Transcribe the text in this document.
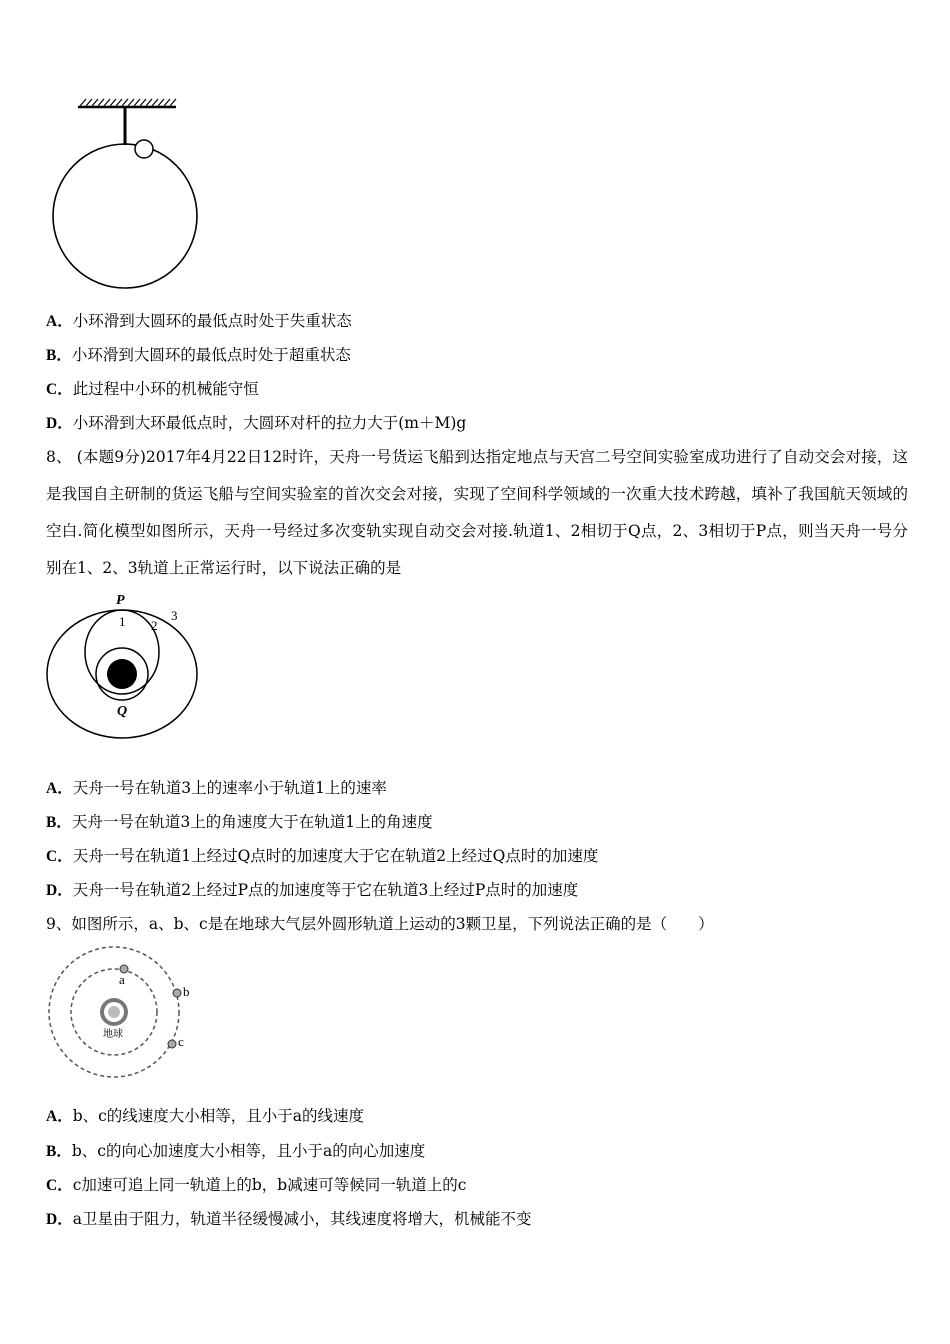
A．小环滑到大圆环的最低点时处于失重状态
B．小环滑到大圆环的最低点时处于超重状态
C．此过程中小环的机械能守恒
D．小环滑到大环最低点时，大圆环对杆的拉力大于(m＋M)g
8、 (本题9分)2017年4月22日12时许，天舟一号货运飞船到达指定地点与天宫二号空间实验室成功进行了自动交会对接，这是我国自主研制的货运飞船与空间实验室的首次交会对接，实现了空间科学领域的一次重大技术跨越，填补了我国航天领域的空白.简化模型如图所示，天舟一号经过多次变轨实现自动交会对接.轨道1、2相切于Q点，2、3相切于P点，则当天舟一号分别在1、2、3轨道上正常运行时，以下说法正确的是
P
Q
1 2
3
A．天舟一号在轨道3上的速率小于轨道1上的速率
B．天舟一号在轨道3上的角速度大于在轨道1上的角速度
C．天舟一号在轨道1上经过Q点时的加速度大于它在轨道2上经过Q点时的加速度
D．天舟一号在轨道2上经过P点的加速度等于它在轨道3上经过P点时的加速度
9、如图所示，a、b、c是在地球大气层外圆形轨道上运动的3颗卫星，下列说法正确的是（　　）
地球
a
b
c
A．b、c的线速度大小相等，且小于a的线速度
B．b、c的向心加速度大小相等，且小于a的向心加速度
C．c加速可追上同一轨道上的b，b减速可等候同一轨道上的c
D．a卫星由于阻力，轨道半径缓慢减小，其线速度将增大，机械能不变
